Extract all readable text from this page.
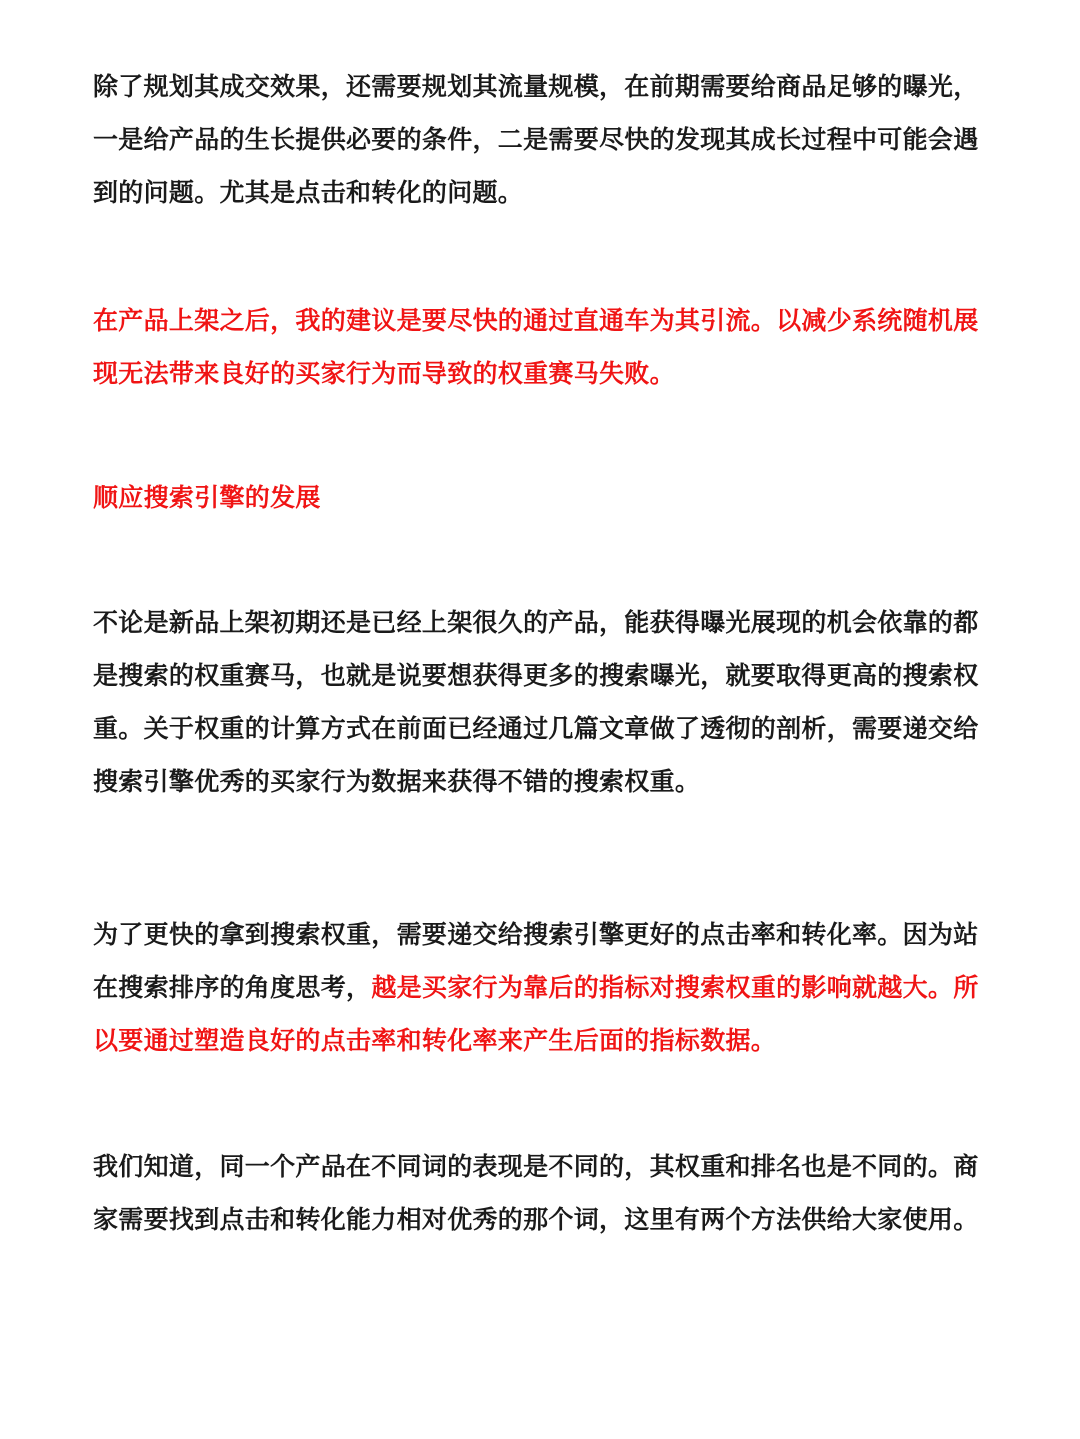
除了规划其成交效果，还需要规划其流量规模，在前期需要给商品足够的曝光，一是给产品的生长提供必要的条件，二是需要尽快的发现其成长过程中可能会遇到的问题。尤其是点击和转化的问题。

在产品上架之后，我的建议是要尽快的通过直通车为其引流。以减少系统随机展现无法带来良好的买家行为而导致的权重赛马失败。

顺应搜索引擎的发展

不论是新品上架初期还是已经上架很久的产品，能获得曝光展现的机会依靠的都是搜索的权重赛马，也就是说要想获得更多的搜索曝光，就要取得更高的搜索权重。关于权重的计算方式在前面已经通过几篇文章做了透彻的剖析，需要递交给搜索引擎优秀的买家行为数据来获得不错的搜索权重。

为了更快的拿到搜索权重，需要递交给搜索引擎更好的点击率和转化率。因为站在搜索排序的角度思考，越是买家行为靠后的指标对搜索权重的影响就越大。所以要通过塑造良好的点击率和转化率来产生后面的指标数据。

我们知道，同一个产品在不同词的表现是不同的，其权重和排名也是不同的。商家需要找到点击和转化能力相对优秀的那个词，这里有两个方法供给大家使用。
